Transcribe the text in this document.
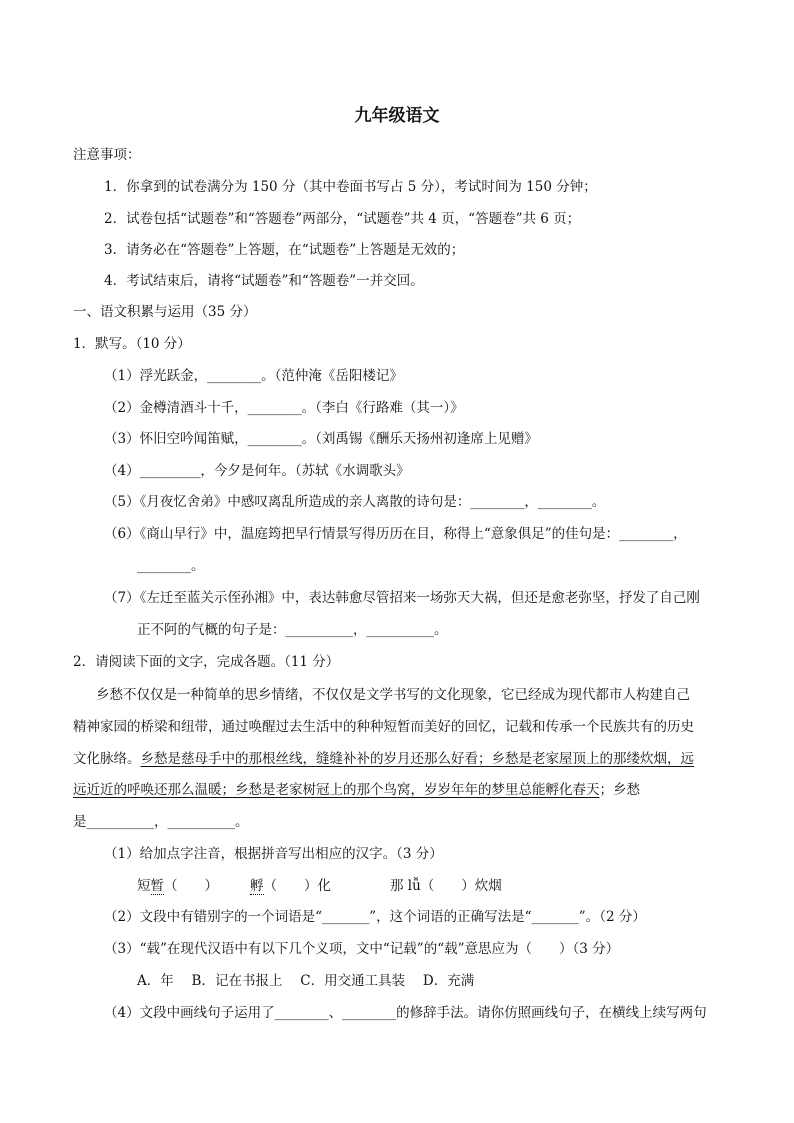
九年级语文
注意事项：
1．你拿到的试卷满分为 150 分（其中卷面书写占 5 分），考试时间为 150 分钟；
2．试卷包括“试题卷”和“答题卷”两部分，“试题卷”共 4 页，“答题卷”共 6 页；
3．请务必在“答题卷”上答题，在“试题卷”上答题是无效的；
4．考试结束后，请将“试题卷”和“答题卷”一并交回。
一、语文积累与运用（35 分）
1．默写。（10 分）
（1）浮光跃金，________。（范仲淹《岳阳楼记》
（2）金樽清酒斗十千，________。（李白《行路难（其一）》
（3）怀旧空吟闻笛赋，________。（刘禹锡《酬乐天扬州初逢席上见赠》
（4）_________，今夕是何年。（苏轼《水调歌头》
（5）《月夜忆舍弟》中感叹离乱所造成的亲人离散的诗句是：________，________。
（6）《商山早行》中，温庭筠把早行情景写得历历在目，称得上“意象俱足”的佳句是：________，
________。
（7）《左迁至蓝关示侄孙湘》中，表达韩愈尽管招来一场弥天大祸，但还是愈老弥坚，抒发了自己刚
正不阿的气概的句子是：__________，__________。
2．请阅读下面的文字，完成各题。（11 分）
乡愁不仅仅是一种简单的思乡情绪，不仅仅是文学书写的文化现象，它已经成为现代都市人构建自己
精神家园的桥梁和纽带，通过唤醒过去生活中的种种短暂而美好的回忆，记载和传承一个民族共有的历史
文化脉络。乡愁是慈母手中的那根丝线，缝缝补补的岁月还那么好看；乡愁是老家屋顶上的那缕炊烟，远
远近近的呼唤还那么温暖；乡愁是老家树冠上的那个鸟窝，岁岁年年的梦里总能孵化春天；乡愁
是__________，__________。
（1）给加点字注音，根据拼音写出相应的汉字。（3 分）
短暂（　　） 孵（　　）化	那 lǚ（　　）炊烟
（2）文段中有错别字的一个词语是“_______”，这个词语的正确写法是“_______”。（2 分）
（3）“载”在现代汉语中有以下几个义项，文中“记载”的“载”意思应为（　　）（3 分）
A．年　 B．记在书报上　 C．用交通工具装　 D．充满
（4）文段中画线句子运用了________、________的修辞手法。请你仿照画线句子，在横线上续写两句
